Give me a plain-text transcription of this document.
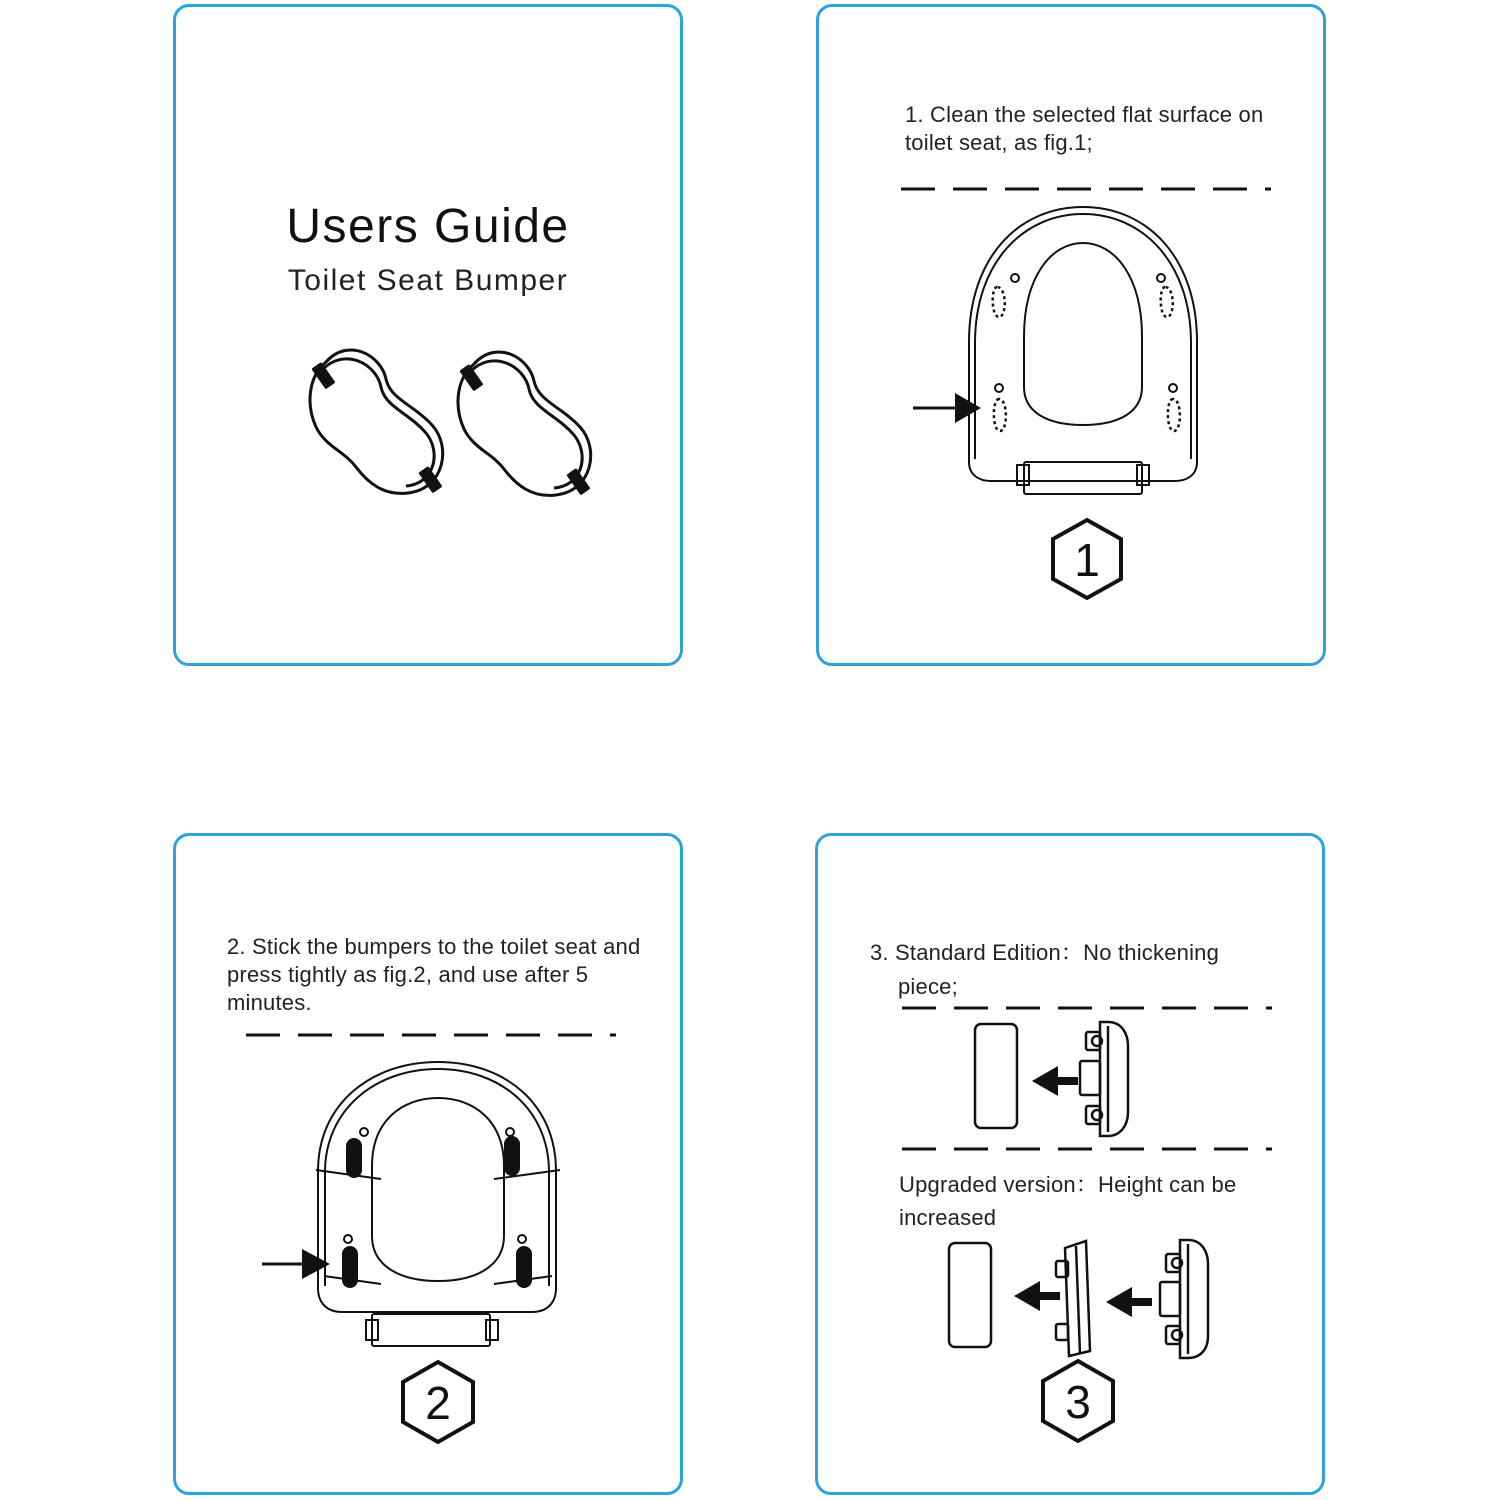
Users Guide
Toilet Seat Bumper
1. Clean the selected flat surface on toilet seat, as fig.1;
1
2. Stick the bumpers to the toilet seat and press tightly as fig.2, and use after 5 minutes.
2
3. Standard Edition：No thickening
piece;
Upgraded version：Height can be increased
3
